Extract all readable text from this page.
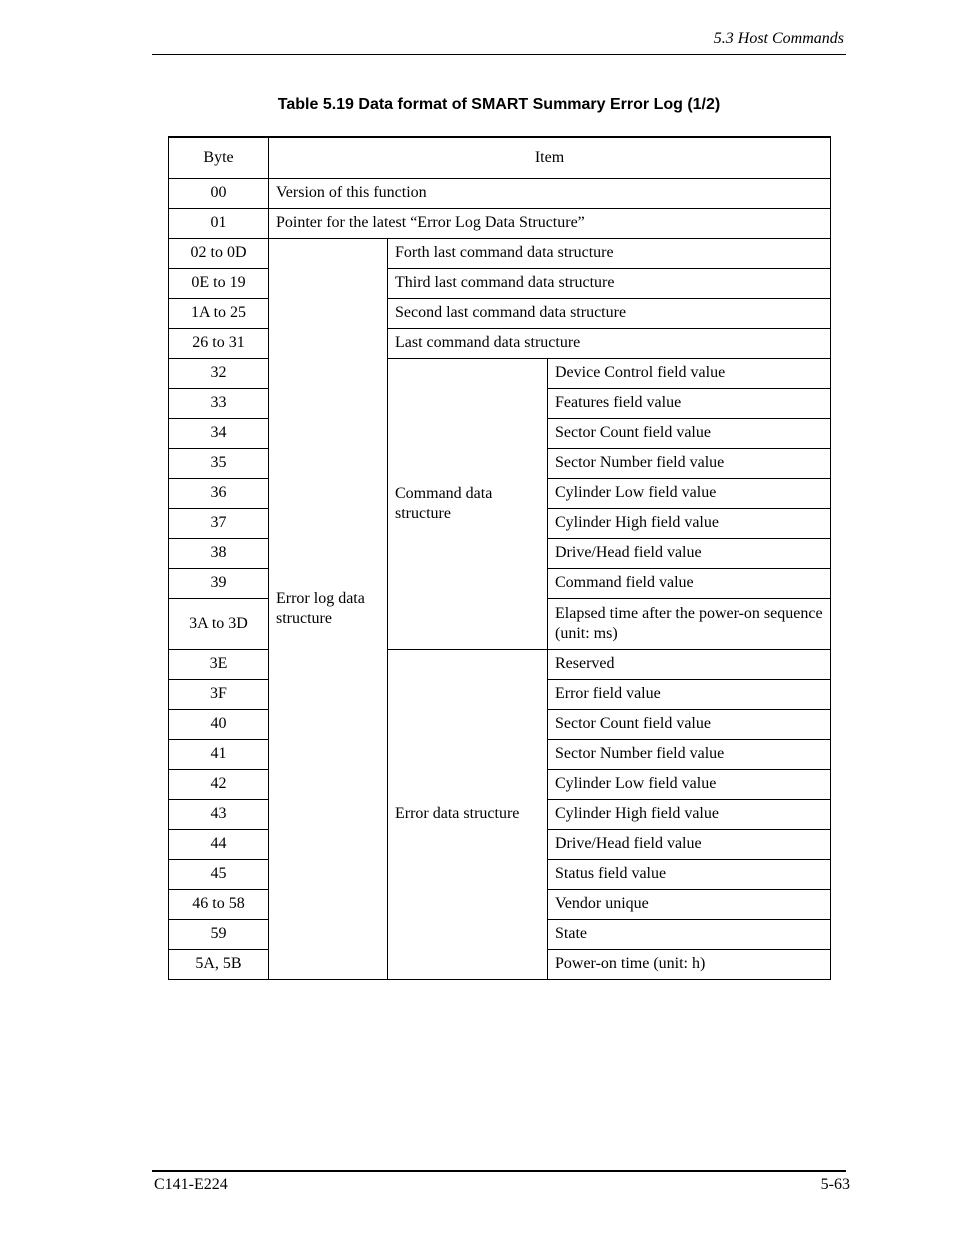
5.3 Host Commands
Table 5.19 Data format of SMART Summary Error Log (1/2)
Byte	Item		
00	Version of this function		
01	Pointer for the latest “Error Log Data Structure”		
02 to 0D	Error log data structure	Forth last command data structure	
0E to 19		Third last command data structure	
1A to 25		Second last command data structure	
26 to 31		Last command data structure	
32		Command data structure	Device Control field value
33			Features field value
34			Sector Count field value
35			Sector Number field value
36			Cylinder Low field value
37			Cylinder High field value
38			Drive/Head field value
39			Command field value
3A to 3D			Elapsed time after the power-on sequence (unit: ms)
3E		Error data structure	Reserved
3F			Error field value
40			Sector Count field value
41			Sector Number field value
42			Cylinder Low field value
43			Cylinder High field value
44			Drive/Head field value
45			Status field value
46 to 58			Vendor unique
59			State
5A, 5B			Power-on time (unit: h)
C141-E224	5-63
